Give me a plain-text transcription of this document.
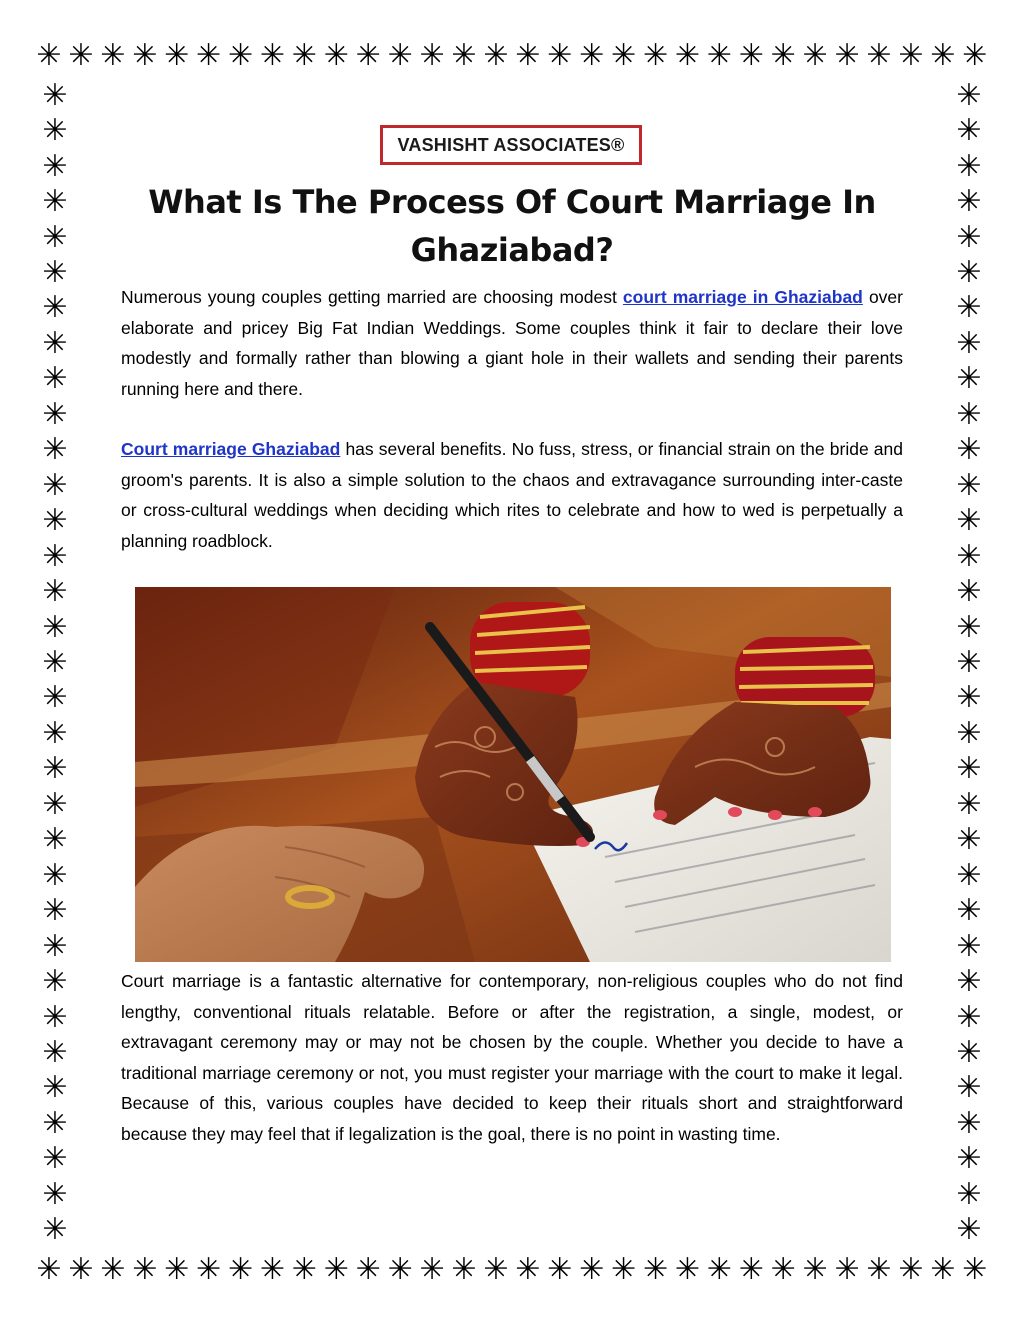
✳ ✳ ✳ ✳ ✳ ✳ ✳ ✳ ✳ ✳ ✳ ✳ ✳ ✳ ✳ ✳ ✳ ✳ ✳ ✳ ✳ ✳ ✳ ✳ ✳ ✳ ✳ ✳ ✳ ✳
✳ ✳ ✳ ✳ ✳ ✳ ✳ ✳ ✳ ✳ ✳ ✳ ✳ ✳ ✳ ✳ ✳ ✳ ✳ ✳ ✳ ✳ ✳ ✳ ✳ ✳ ✳ ✳ ✳ ✳
✳
✳
✳
✳
✳
✳
✳
✳
✳
✳
✳
✳
✳
✳
✳
✳
✳
✳
✳
✳
✳
✳
✳
✳
✳
✳
✳
✳
✳
✳
✳
✳
✳
✳
✳
✳
✳
✳
✳
✳
✳
✳
✳
✳
✳
✳
✳
✳
✳
✳
✳
✳
✳
✳
✳
✳
✳
✳
✳
✳
✳
✳
✳
✳
✳
✳
VASHISHT ASSOCIATES®
What Is The Process Of Court Marriage In Ghaziabad?

Numerous young couples getting married are choosing modest court marriage in Ghaziabad over elaborate and pricey Big Fat Indian Weddings. Some couples think it fair to declare their love modestly and formally rather than blowing a giant hole in their wallets and sending their parents running here and there.

Court marriage Ghaziabad has several benefits. No fuss, stress, or financial strain on the bride and groom's parents. It is also a simple solution to the chaos and extravagance surrounding inter-caste or cross-cultural weddings when deciding which rites to celebrate and how to wed is perpetually a planning roadblock.

Court marriage is a fantastic alternative for contemporary, non-religious couples who do not find lengthy, conventional rituals relatable. Before or after the registration, a single, modest, or extravagant ceremony may or may not be chosen by the couple. Whether you decide to have a traditional marriage ceremony or not, you must register your marriage with the court to make it legal. Because of this, various couples have decided to keep their rituals short and straightforward because they may feel that if legalization is the goal, there is no point in wasting time.
